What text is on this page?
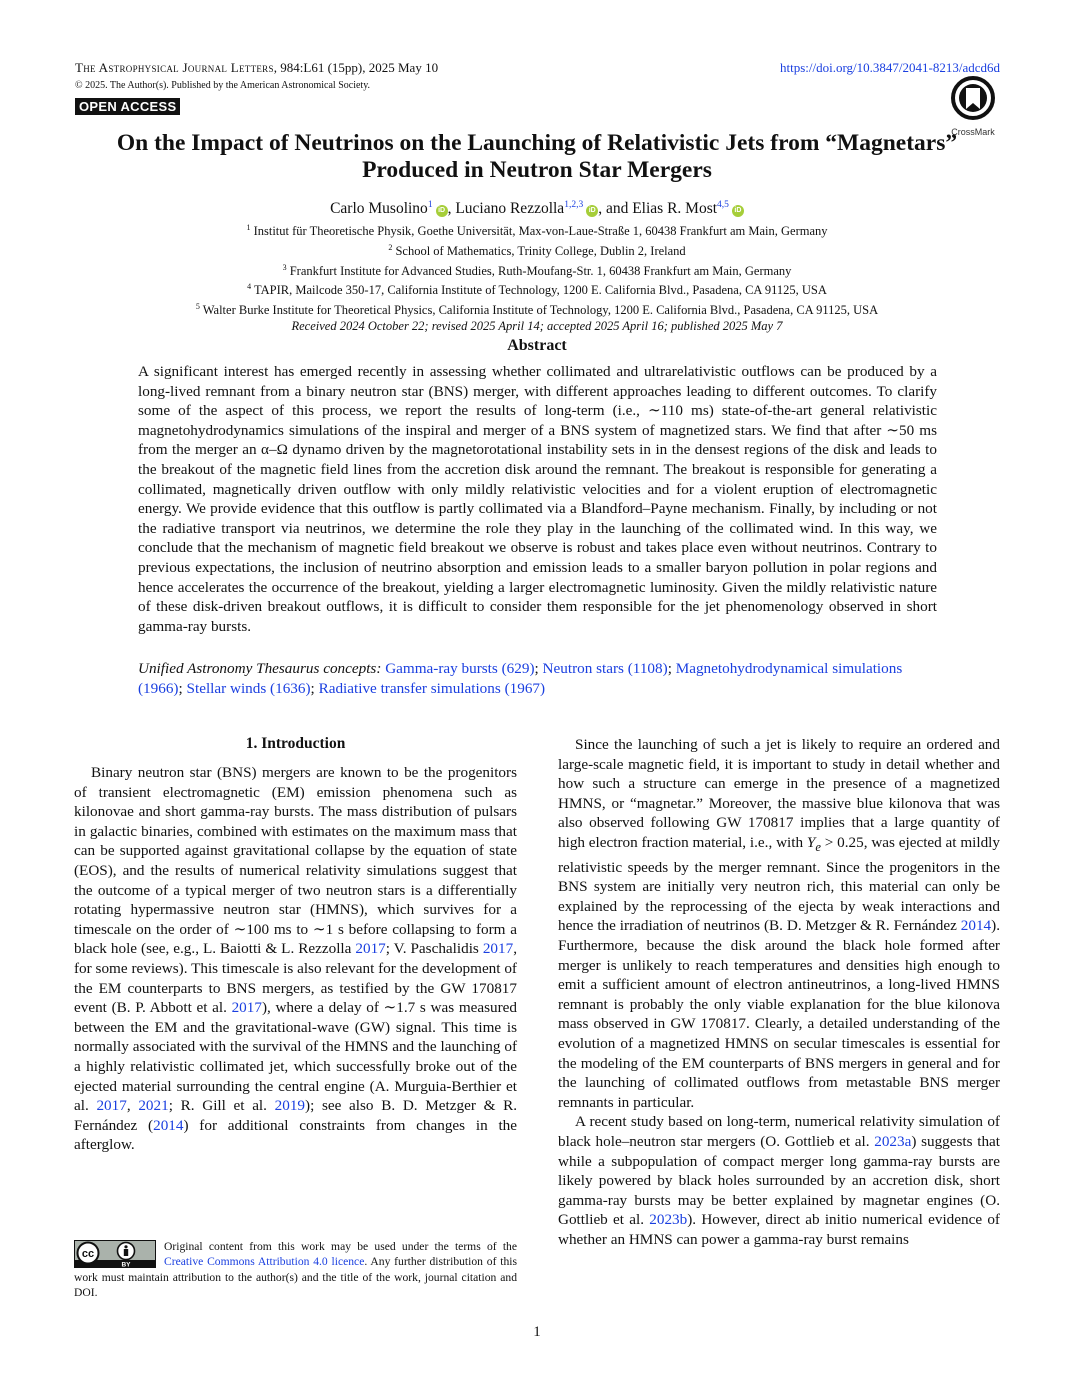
The Astrophysical Journal Letters, 984:L61 (15pp), 2025 May 10
© 2025. The Author(s). Published by the American Astronomical Society.
OPEN ACCESS
https://doi.org/10.3847/2041-8213/adcd6d
CrossMark
On the Impact of Neutrinos on the Launching of Relativistic Jets from “Magnetars”
Produced in Neutron Star Mergers
Carlo Musolino$^1$iD , Luciano Rezzolla$^{1,2,3}$iD , and Elias R. Most$^{4,5}$iD
$^1$ Institut für Theoretische Physik, Goethe Universität, Max-von-Laue-Straße 1, 60438 Frankfurt am Main, Germany
$^2$ School of Mathematics, Trinity College, Dublin 2, Ireland
$^3$ Frankfurt Institute for Advanced Studies, Ruth-Moufang-Str. 1, 60438 Frankfurt am Main, Germany
$^4$ TAPIR, Mailcode 350-17, California Institute of Technology, 1200 E. California Blvd., Pasadena, CA 91125, USA
$^5$ Walter Burke Institute for Theoretical Physics, California Institute of Technology, 1200 E. California Blvd., Pasadena, CA 91125, USA
Received 2024 October 22; revised 2025 April 14; accepted 2025 April 16; published 2025 May 7
Abstract
A significant interest has emerged recently in assessing whether collimated and ultrarelativistic outflows can be produced by a long-lived remnant from a binary neutron star (BNS) merger, with different approaches leading to different outcomes. To clarify some of the aspect of this process, we report the results of long-term (i.e., ∼110 ms) state-of-the-art general relativistic magnetohydrodynamics simulations of the inspiral and merger of a BNS system of magnetized stars. We find that after ∼50 ms from the merger an α–Ω dynamo driven by the magnetorotational instability sets in in the densest regions of the disk and leads to the breakout of the magnetic field lines from the accretion disk around the remnant. The breakout is responsible for generating a collimated, magnetically driven outflow with only mildly relativistic velocities and for a violent eruption of electromagnetic energy. We provide evidence that this outflow is partly collimated via a Blandford–Payne mechanism. Finally, by including or not the radiative transport via neutrinos, we determine the role they play in the launching of the collimated wind. In this way, we conclude that the mechanism of magnetic field breakout we observe is robust and takes place even without neutrinos. Contrary to previous expectations, the inclusion of neutrino absorption and emission leads to a smaller baryon pollution in polar regions and hence accelerates the occurrence of the breakout, yielding a larger electromagnetic luminosity. Given the mildly relativistic nature of these disk-driven breakout outflows, it is difficult to consider them responsible for the jet phenomenology observed in short gamma-ray bursts.
Unified Astronomy Thesaurus concepts: Gamma-ray bursts (629); Neutron stars (1108); Magnetohydrodynamical simulations (1966); Stellar winds (1636); Radiative transfer simulations (1967)
1. Introduction

Binary neutron star (BNS) mergers are known to be the progenitors of transient electromagnetic (EM) emission phenomena such as kilonovae and short gamma-ray bursts. The mass distribution of pulsars in galactic binaries, combined with estimates on the maximum mass that can be supported against gravitational collapse by the equation of state (EOS), and the results of numerical relativity simulations suggest that the outcome of a typical merger of two neutron stars is a differentially rotating hypermassive neutron star (HMNS), which survives for a timescale on the order of ∼100 ms to ∼1 s before collapsing to form a black hole (see, e.g., L. Baiotti & L. Rezzolla 2017; V. Paschalidis 2017, for some reviews). This timescale is also relevant for the development of the EM counterparts to BNS mergers, as testified by the GW 170817 event (B. P. Abbott et al. 2017), where a delay of ∼1.7 s was measured between the EM and the gravitational-wave (GW) signal. This time is normally associated with the survival of the HMNS and the launching of a highly relativistic collimated jet, which successfully broke out of the ejected material surrounding the central engine (A. Murguia-Berthier et al. 2017, 2021; R. Gill et al. 2019); see also B. D. Metzger & R. Fernández (2014) for additional constraints from changes in the afterglow.

Since the launching of such a jet is likely to require an ordered and large-scale magnetic field, it is important to study in detail whether and how such a structure can emerge in the presence of a magnetized HMNS, or “magnetar.” Moreover, the massive blue kilonova that was also observed following GW 170817 implies that a large quantity of high electron fraction material, i.e., with $Y_e > 0.25$, was ejected at mildly relativistic speeds by the merger remnant. Since the progenitors in the BNS system are initially very neutron rich, this material can only be explained by the reprocessing of the ejecta by weak interactions and hence the irradiation of neutrinos (B. D. Metzger & R. Fernández 2014). Furthermore, because the disk around the black hole formed after merger is unlikely to reach temperatures and densities high enough to emit a sufficient amount of electron antineutrinos, a long-lived HMNS remnant is probably the only viable explanation for the blue kilonova mass observed in GW 170817. Clearly, a detailed understanding of the evolution of a magnetized HMNS on secular timescales is essential for the modeling of the EM counterparts of BNS mergers in general and for the launching of collimated outflows from metastable BNS merger remnants in particular.

A recent study based on long-term, numerical relativity simulation of black hole–neutron star mergers (O. Gottlieb et al. 2023a) suggests that while a subpopulation of compact merger long gamma-ray bursts are likely powered by black holes surrounded by an accretion disk, short gamma-ray bursts may be better explained by magnetar engines (O. Gottlieb et al. 2023b). However, direct ab initio numerical evidence of whether an HMNS can power a gamma-ray burst remains

cc
BY
Original content from this work may be used under the terms of the Creative Commons Attribution 4.0 licence. Any further distribution of this work must maintain attribution to the author(s) and the title of the work, journal citation and DOI.
1
